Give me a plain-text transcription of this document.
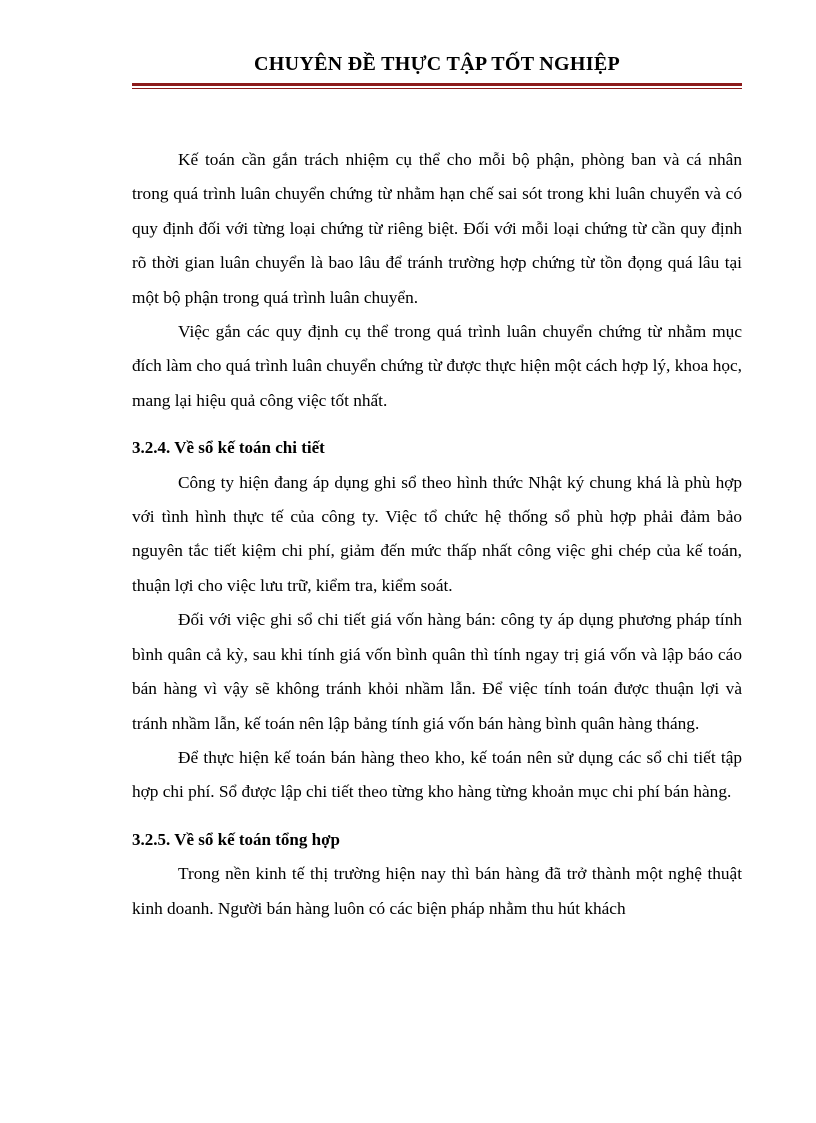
CHUYÊN ĐỀ THỰC TẬP TỐT NGHIỆP

Kế toán cần gắn trách nhiệm cụ thể cho mỗi bộ phận, phòng ban và cá nhân trong quá trình luân chuyển chứng từ nhằm hạn chế sai sót trong khi luân chuyển và có quy định đối với từng loại chứng từ riêng biệt. Đối với mỗi loại chứng từ cần quy định rõ thời gian luân chuyển là bao lâu để tránh trường hợp chứng từ tồn đọng quá lâu tại một bộ phận trong quá trình luân chuyển.

Việc gắn các quy định cụ thể trong quá trình luân chuyển chứng từ nhằm mục đích làm cho quá trình luân chuyển chứng từ được thực hiện một cách hợp lý, khoa học, mang lại hiệu quả công việc tốt nhất.

3.2.4. Về sổ kế toán chi tiết

Công ty hiện đang áp dụng ghi sổ theo hình thức Nhật ký chung khá là phù hợp với tình hình thực tế của công ty. Việc tổ chức hệ thống sổ phù hợp phải đảm bảo nguyên tắc tiết kiệm chi phí, giảm đến mức thấp nhất công việc ghi chép của kế toán, thuận lợi cho việc lưu trữ, kiểm tra, kiểm soát.

Đối với việc ghi sổ chi tiết giá vốn hàng bán: công ty áp dụng phương pháp tính bình quân cả kỳ, sau khi tính giá vốn bình quân thì tính ngay trị giá vốn và lập báo cáo bán hàng vì vậy sẽ không tránh khỏi nhầm lẫn. Để việc tính toán được thuận lợi và tránh nhầm lẫn, kế toán nên lập bảng tính giá vốn bán hàng bình quân hàng tháng.

Để thực hiện kế toán bán hàng theo kho, kế toán nên sử dụng các sổ chi tiết tập hợp chi phí. Sổ được lập chi tiết theo từng kho hàng từng khoản mục chi phí bán hàng.

3.2.5. Về sổ kế toán tổng hợp

Trong nền kinh tế thị trường hiện nay thì bán hàng đã trở thành một nghệ thuật kinh doanh. Người bán hàng luôn có các biện pháp nhằm thu hút khách
